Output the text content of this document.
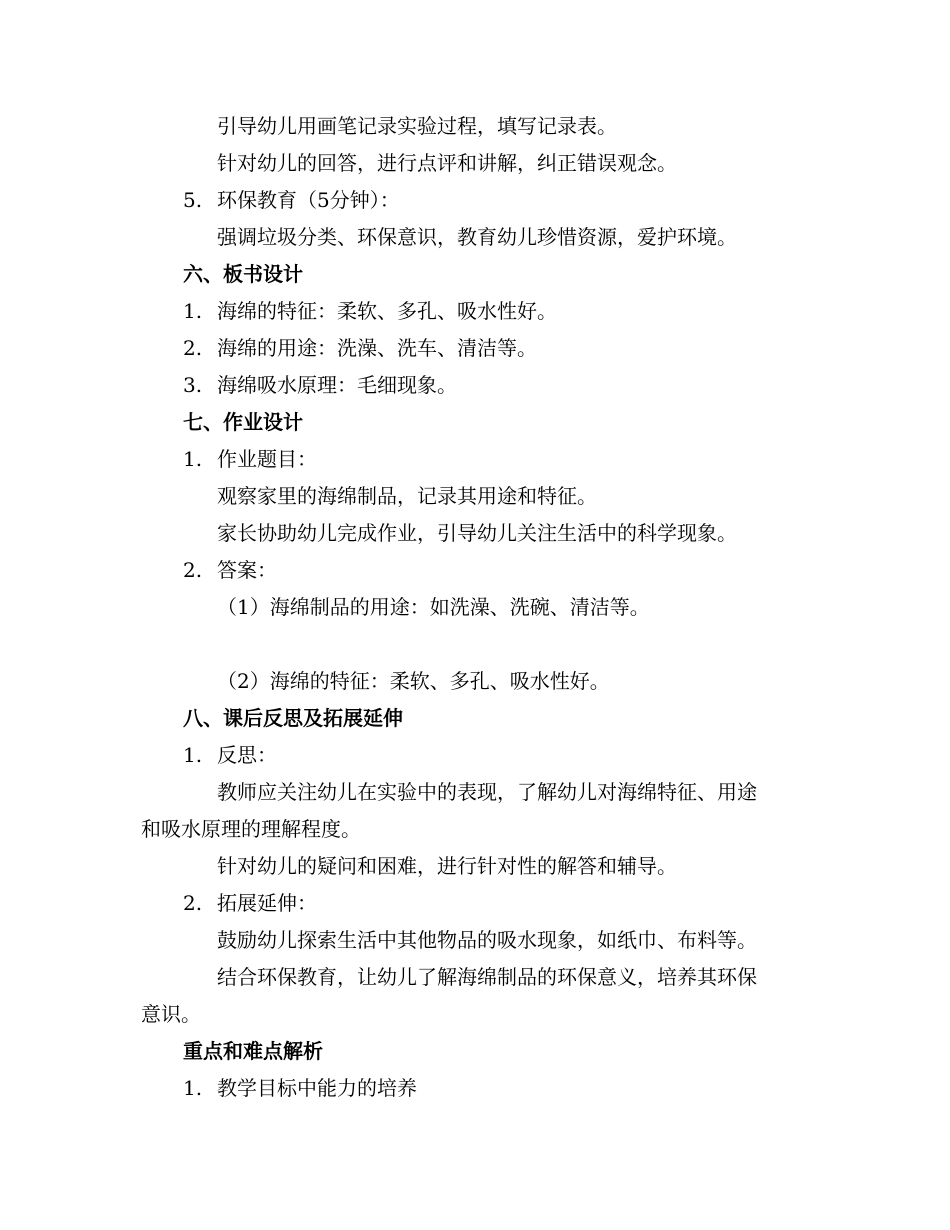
引导幼儿用画笔记录实验过程，填写记录表。
针对幼儿的回答，进行点评和讲解，纠正错误观念。
5. 环保教育（5分钟）：
强调垃圾分类、环保意识，教育幼儿珍惜资源，爱护环境。
六、板书设计
1. 海绵的特征：柔软、多孔、吸水性好。
2. 海绵的用途：洗澡、洗车、清洁等。
3. 海绵吸水原理：毛细现象。
七、作业设计
1. 作业题目：
观察家里的海绵制品，记录其用途和特征。
家长协助幼儿完成作业，引导幼儿关注生活中的科学现象。
2. 答案：
（1）海绵制品的用途：如洗澡、洗碗、清洁等。
（2）海绵的特征：柔软、多孔、吸水性好。
八、课后反思及拓展延伸
1. 反思：
教师应关注幼儿在实验中的表现，了解幼儿对海绵特征、用途
和吸水原理的理解程度。
针对幼儿的疑问和困难，进行针对性的解答和辅导。
2. 拓展延伸：
鼓励幼儿探索生活中其他物品的吸水现象，如纸巾、布料等。
结合环保教育，让幼儿了解海绵制品的环保意义，培养其环保
意识。
重点和难点解析
1. 教学目标中能力的培养
